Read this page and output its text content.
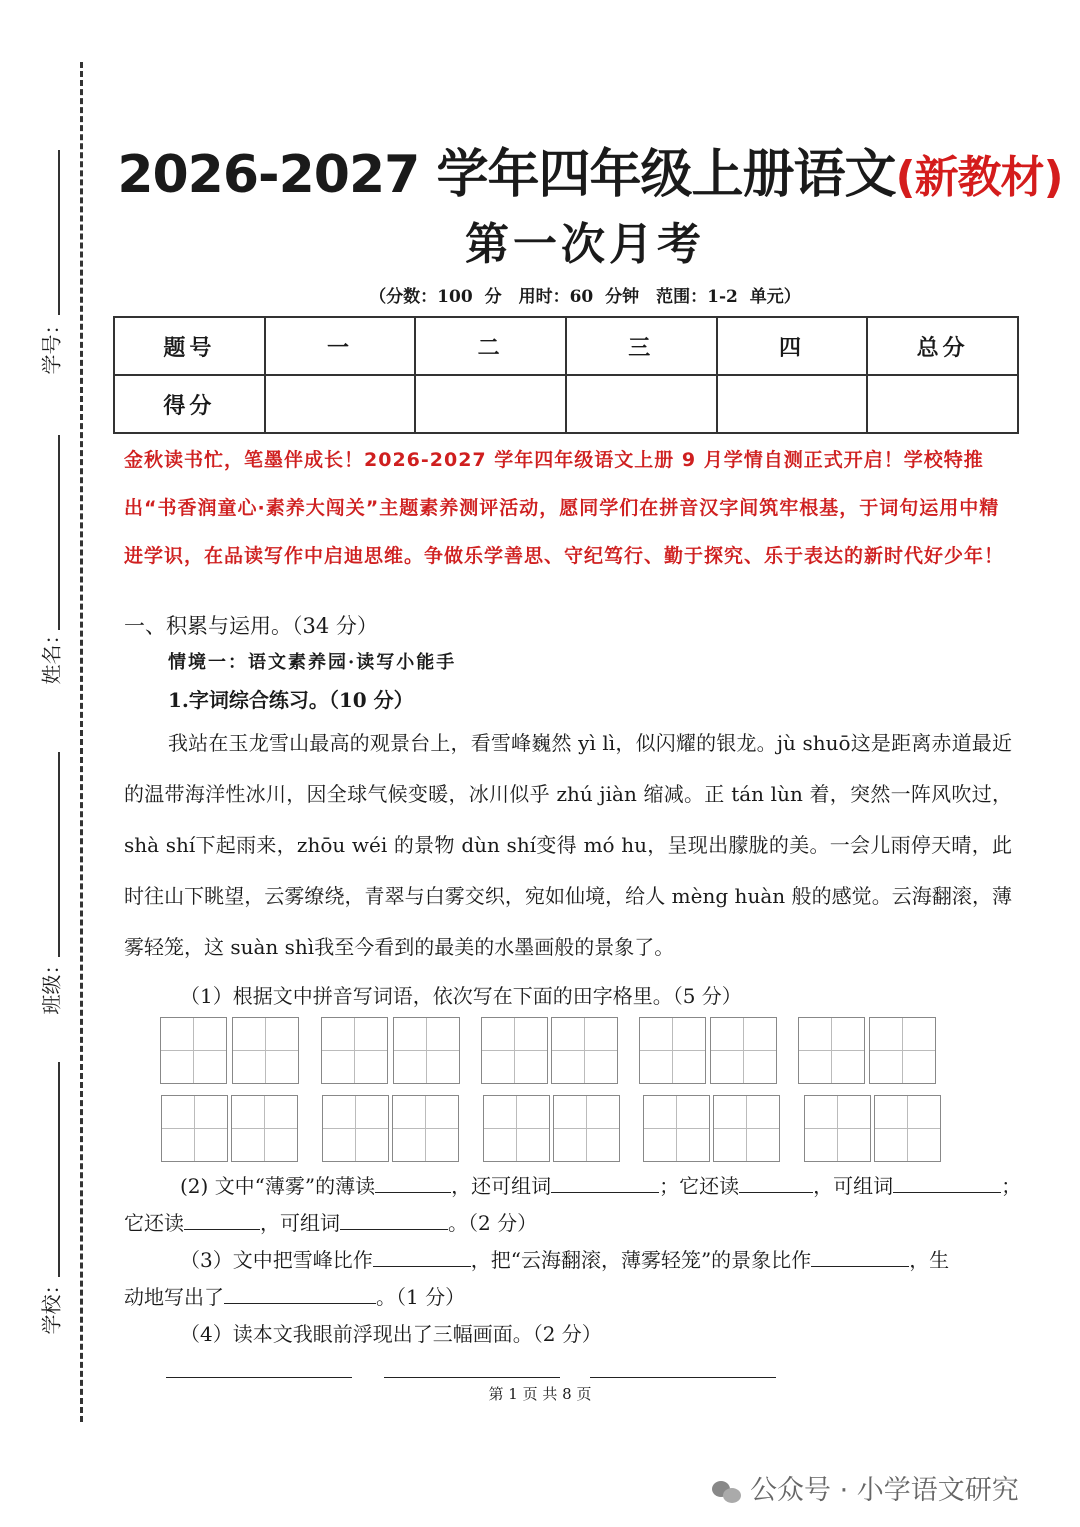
学号：
姓名：
班级：
学校：
2026-2027 学年四年级上册语文(新教材)
第一次月考
（分数：100 分　用时：60 分钟　范围：1-2 单元）
题号	一	二	三	四	总分
得分					
金秋读书忙，笔墨伴成长！2026-2027 学年四年级语文上册 9 月学情自测正式开启！学校特推出“书香润童心·素养大闯关”主题素养测评活动，愿同学们在拼音汉字间筑牢根基，于词句运用中精进学识，在品读写作中启迪思维。争做乐学善思、守纪笃行、勤于探究、乐于表达的新时代好少年！
一、积累与运用。（34 分）
情境一：语文素养园·读写小能手
1.字词综合练习。（10 分）
我站在玉龙雪山最高的观景台上，看雪峰巍然 yì lì，似闪耀的银龙。jù shuō这是距离赤道最近的温带海洋性冰川，因全球气候变暖，冰川似乎 zhú jiàn 缩减。正 tán lùn 着，突然一阵风吹过，shà shí下起雨来，zhōu wéi 的景物 dùn shí变得 mó hu，呈现出朦胧的美。一会儿雨停天晴，此时往山下眺望，云雾缭绕，青翠与白雾交织，宛如仙境，给人 mèng huàn 般的感觉。云海翻滚，薄雾轻笼，这 suàn shì我至今看到的最美的水墨画般的景象了。
（1）根据文中拼音写词语，依次写在下面的田字格里。（5 分）
(2) 文中“薄雾”的薄读	，还可组词	；它还读	，可组词	；
它还读	，可组词	。（2 分）
（3）文中把雪峰比作	，把“云海翻滚，薄雾轻笼”的景象比作	，生
动地写出了	。（1 分）
（4）读本文我眼前浮现出了三幅画面。（2 分）
第 1 页 共 8 页
公众号 · 小学语文研究
